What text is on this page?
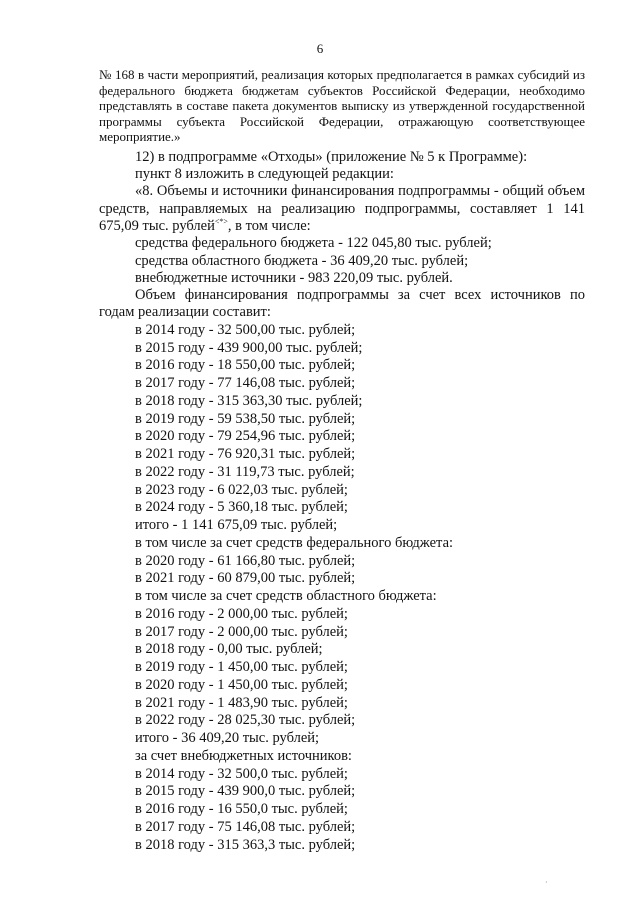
6

№ 168 в части мероприятий, реализация которых предполагается в рамках субсидий из федерального бюджета бюджетам субъектов Российской Федерации, необходимо представлять в составе пакета документов выписку из утвержденной государственной программы субъекта Российской Федерации, отражающую соответствующее мероприятие.»

12) в подпрограмме «Отходы» (приложение № 5 к Программе):

пункт 8 изложить в следующей редакции:

«8. Объемы и источники финансирования подпрограммы - общий объем средств, направляемых на реализацию подпрограммы, составляет 1 141 675,09 тыс. рублей<*>, в том числе:

средства федерального бюджета - 122 045,80 тыс. рублей;

средства областного бюджета - 36 409,20 тыс. рублей;

внебюджетные источники - 983 220,09 тыс. рублей.

Объем финансирования подпрограммы за счет всех источников по годам реализации составит:

в 2014 году - 32 500,00 тыс. рублей;
в 2015 году - 439 900,00 тыс. рублей;
в 2016 году - 18 550,00 тыс. рублей;
в 2017 году - 77 146,08 тыс. рублей;
в 2018 году - 315 363,30 тыс. рублей;
в 2019 году - 59 538,50 тыс. рублей;
в 2020 году - 79 254,96 тыс. рублей;
в 2021 году - 76 920,31 тыс. рублей;
в 2022 году - 31 119,73 тыс. рублей;
в 2023 году - 6 022,03 тыс. рублей;
в 2024 году - 5 360,18 тыс. рублей;
итого - 1 141 675,09 тыс. рублей;
в том числе за счет средств федерального бюджета:
в 2020 году - 61 166,80 тыс. рублей;
в 2021 году - 60 879,00 тыс. рублей;
в том числе за счет средств областного бюджета:
в 2016 году - 2 000,00 тыс. рублей;
в 2017 году - 2 000,00 тыс. рублей;
в 2018 году - 0,00 тыс. рублей;
в 2019 году - 1 450,00 тыс. рублей;
в 2020 году - 1 450,00 тыс. рублей;
в 2021 году - 1 483,90 тыс. рублей;
в 2022 году - 28 025,30 тыс. рублей;
итого - 36 409,20 тыс. рублей;
за счет внебюджетных источников:
в 2014 году - 32 500,0 тыс. рублей;
в 2015 году - 439 900,0 тыс. рублей;
в 2016 году - 16 550,0 тыс. рублей;
в 2017 году - 75 146,08 тыс. рублей;
в 2018 году - 315 363,3 тыс. рублей;
·
